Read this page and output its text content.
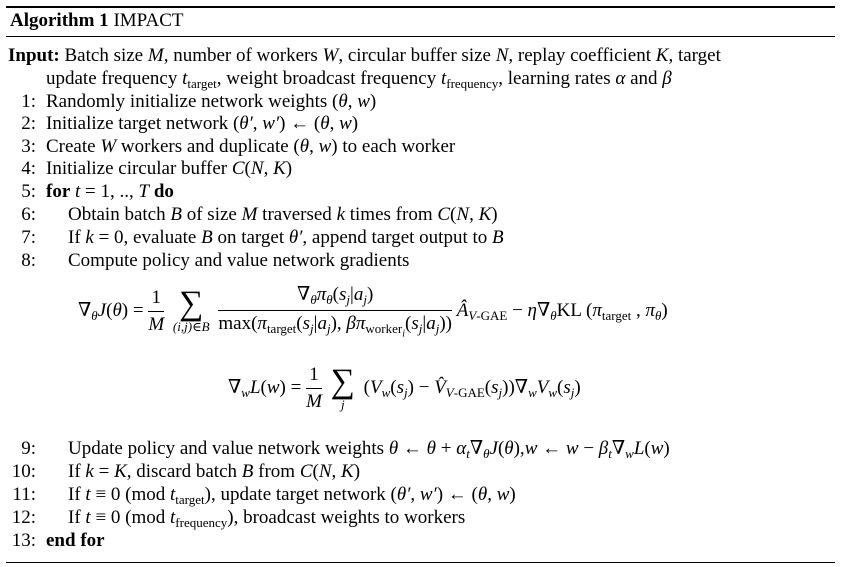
Algorithm 1 IMPACT
Input: Batch size M, number of workers W, circular buffer size N, replay coefficient K, target
update frequency $t_{target}$, weight broadcast frequency $t_{frequency}$, learning rates α and β
1: Randomly initialize network weights (θ, w)
2: Initialize target network (θ′, w′) ← (θ, w)
3: Create W workers and duplicate (θ, w) to each worker
4: Initialize circular buffer C(N, K)
5: for t = 1, .., T do
6: Obtain batch B of size M traversed k times from C(N, K)
7: If k = 0, evaluate B on target θ′, append target output to B
8: Compute policy and value network gradients
$\nabla_\theta J(\theta) = \frac{1}{M}$
∑
(i,j)∈B
$\frac{\nabla_\theta\pi_\theta(s_j|a_j)}{\max(\pi_{target}(s_j|a_j), \beta\pi_{worker_i}(s_j|a_j))}$ $Â_{V-GAE} - \eta\nabla_\theta KL$ ($\pi_{target}$ , $\pi_\theta$)
$\nabla_wL(w) = \frac{1}{M}$
∑
j
($V_w(s_j)$ − $V̂_{V-GAE}(s_j))\nabla_wV_w(s_j)$
9: Update policy and value network weights θ ← $\theta + \alpha_t\nabla_\theta J(\theta),w$ ← $w - \beta_t\nabla_wL(w)$
10: If k = K, discard batch B from C(N, K)
11: If t ≡ 0 (mod $t_{target}$), update target network (θ′, w′) ← (θ, w)
12: If t ≡ 0 (mod $t_{frequency}$), broadcast weights to workers
13: end for
